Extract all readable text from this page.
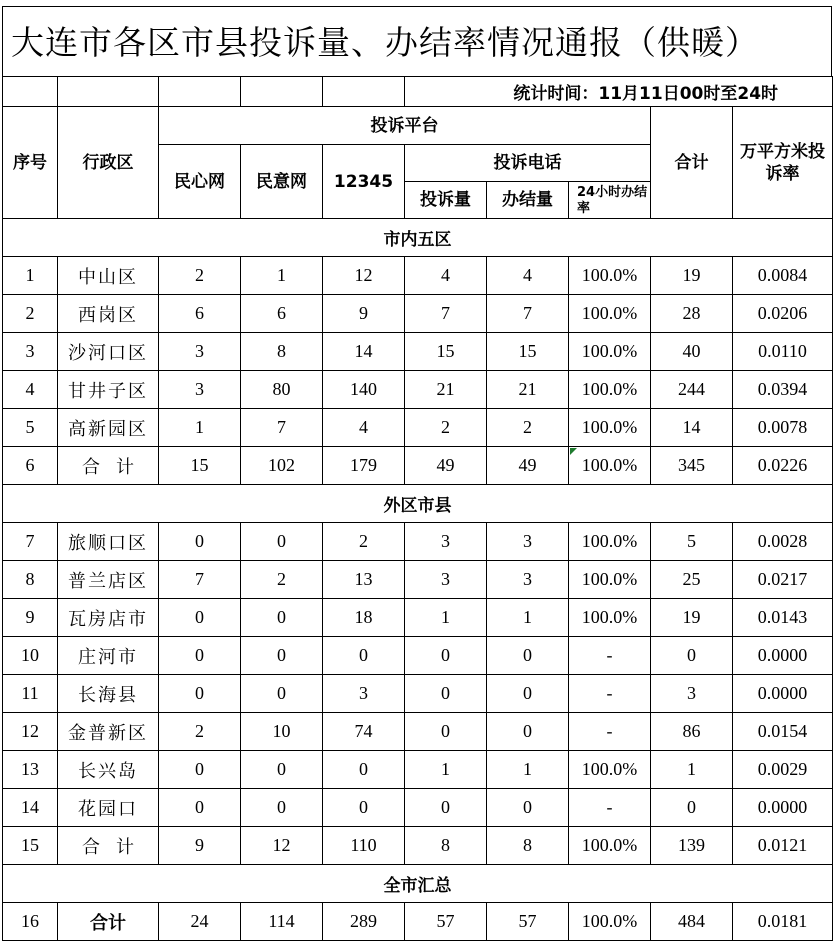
大连市各区市县投诉量、办结率情况通报（供暖）
					统计时间：11月11日00时至24时				
序号	行政区	投诉平台						合计	万平方米投诉率
		民心网	民意网	12345	投诉电话				
					投诉量	办结量	24小时办结率		
市内五区									
1	中山区	2	1	12	4	4	100.0%	19	0.0084
2	西岗区	6	6	9	7	7	100.0%	28	0.0206
3	沙河口区	3	8	14	15	15	100.0%	40	0.0110
4	甘井子区	3	80	140	21	21	100.0%	244	0.0394
5	高新园区	1	7	4	2	2	100.0%	14	0.0078
6	合计	15	102	179	49	49	100.0%	345	0.0226
外区市县									
7	旅顺口区	0	0	2	3	3	100.0%	5	0.0028
8	普兰店区	7	2	13	3	3	100.0%	25	0.0217
9	瓦房店市	0	0	18	1	1	100.0%	19	0.0143
10	庄河市	0	0	0	0	0	-	0	0.0000
11	长海县	0	0	3	0	0	-	3	0.0000
12	金普新区	2	10	74	0	0	-	86	0.0154
13	长兴岛	0	0	0	1	1	100.0%	1	0.0029
14	花园口	0	0	0	0	0	-	0	0.0000
15	合计	9	12	110	8	8	100.0%	139	0.0121
全市汇总									
16	合计	24	114	289	57	57	100.0%	484	0.0181
